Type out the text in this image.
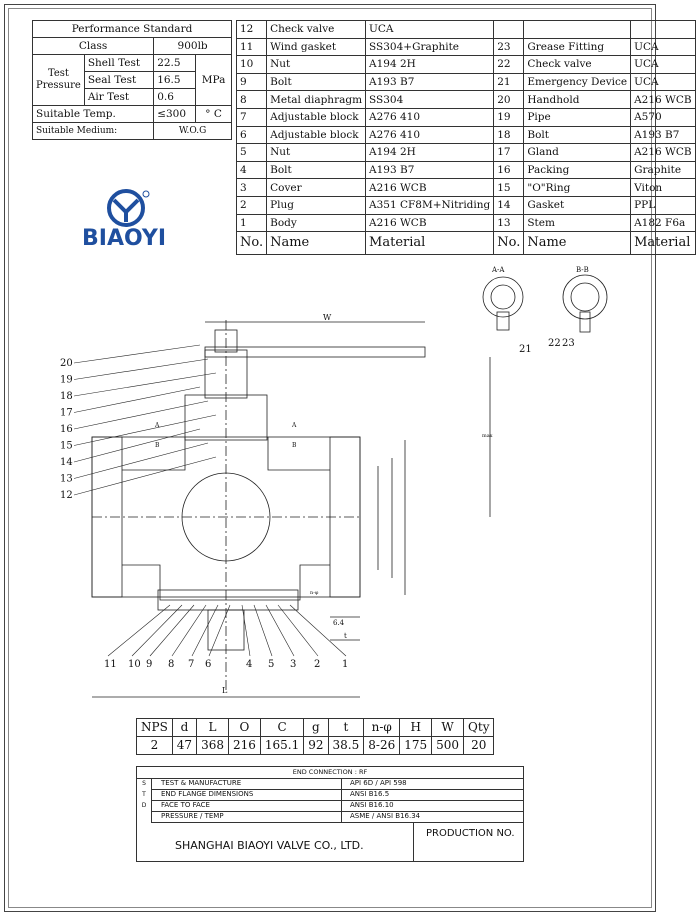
Performance Standard			
Class		900lb	
Test Pressure	Shell Test	22.5	MPa
	Seal Test	16.5	
	Air Test	0.6	
Suitable Temp.		≤300	° C
Suitable Medium:		W.O.G	
12	Check valve	UCA			
11	Wind gasket	SS304+Graphite	23	Grease Fitting	UCA
10	Nut	A194 2H	22	Check valve	UCA
9	Bolt	A193 B7	21	Emergency Device	UCA
8	Metal diaphragm	SS304	20	Handhold	A216 WCB
7	Adjustable block	A276 410	19	Pipe	A570
6	Adjustable block	A276 410	18	Bolt	A193 B7
5	Nut	A194 2H	17	Gland	A216 WCB
4	Bolt	A193 B7	16	Packing	Graphite
3	Cover	A216 WCB	15	"O"Ring	Viton
2	Plug	A351 CF8M+Nitriding	14	Gasket	PPL
1	Body	A216 WCB	13	Stem	A182 F6a
No.	Name	Material	No.	Name	Material
BIAOYI
20
19
18
17
16
15
14
13
12
11 10 9 8 7 6	4 5 3 2 1
A-A	B-B
21
22 23
W
L
max
6.4
t
n-φ
A
B
A
B
NPS	d	L	O	C	g	t	n-φ	H	W	Qty
2	47	368	216	165.1	92	38.5	8-26	175	500	20
END CONNECTION : RF
S
T
D
TEST & MANUFACTURE	API 6D / API 598
END FLANGE DIMENSIONS	ANSI B16.5
FACE TO FACE	ANSI B16.10
PRESSURE / TEMP	ASME / ANSI B16.34
SHANGHAI BIAOYI VALVE CO., LTD.
PRODUCTION NO.
